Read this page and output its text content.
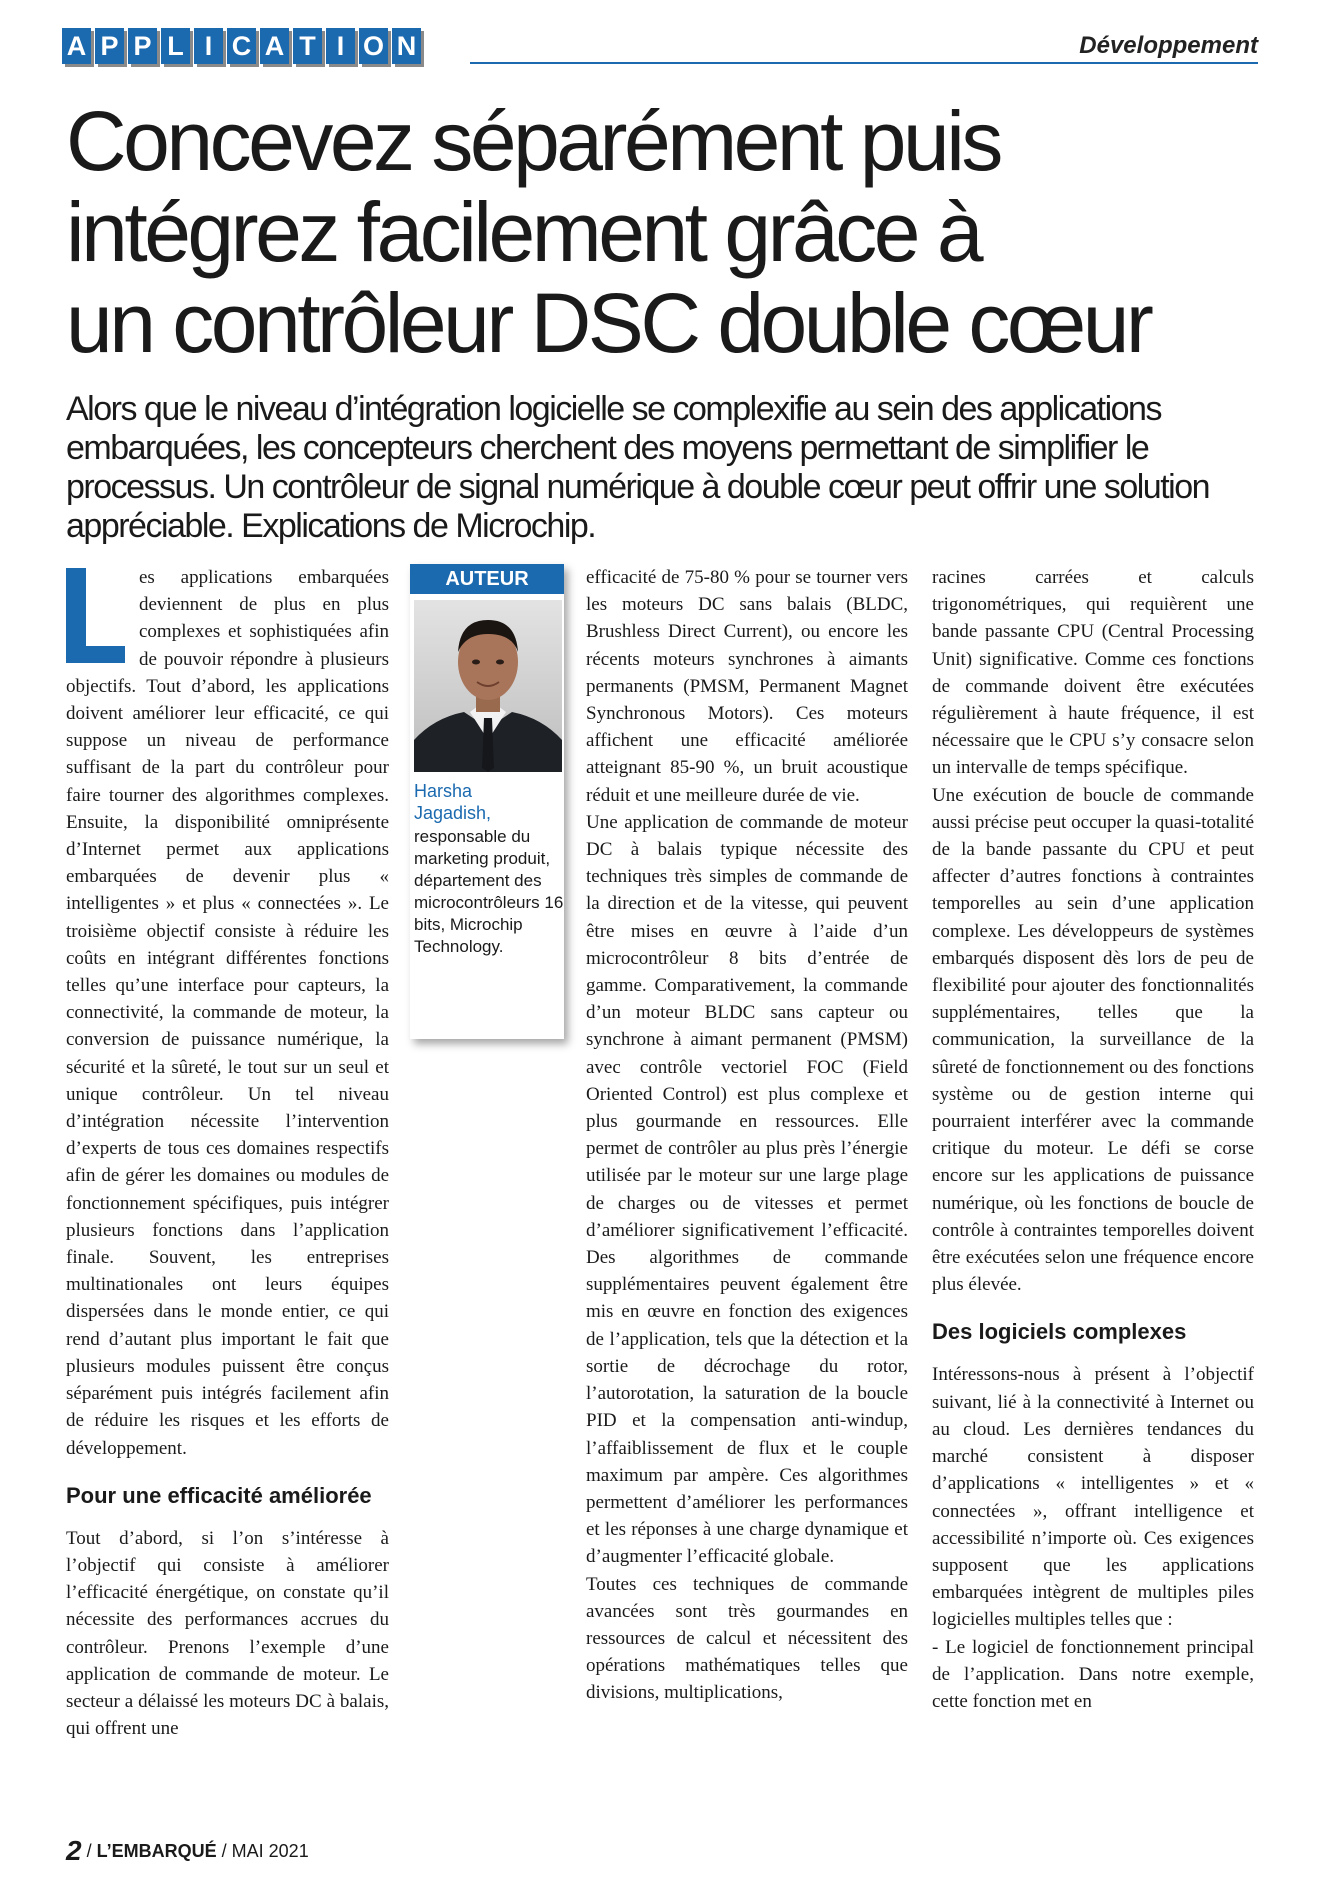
A P P L I C A T I O N	Développement
Concevez séparément puis
intégrez facilement grâce à
un contrôleur DSC double cœur

Alors que le niveau d’intégration logicielle se complexifie au sein des applications embarquées, les concepteurs cherchent des moyens permettant de simplifier le processus. Un contrôleur de signal numérique à double cœur peut offrir une solution appréciable. Explications de Microchip.

es applications embarquées deviennent de plus en plus complexes et sophistiquées afin de pouvoir répondre à plusieurs objectifs. Tout d’abord, les applications doivent améliorer leur efficacité, ce qui suppose un niveau de performance suffisant de la part du contrôleur pour faire tourner des algorithmes complexes. Ensuite, la disponibilité omniprésente d’Internet permet aux applications embarquées de devenir plus « intelligentes » et plus « connectées ». Le troisième objectif consiste à réduire les coûts en intégrant différentes fonctions telles qu’une interface pour capteurs, la connectivité, la commande de moteur, la conversion de puissance numérique, la sécurité et la sûreté, le tout sur un seul et unique contrôleur. Un tel niveau d’intégration nécessite l’intervention d’experts de tous ces domaines respectifs afin de gérer les domaines ou modules de fonctionnement spécifiques, puis intégrer plusieurs fonctions dans l’application finale. Souvent, les entreprises multinationales ont leurs équipes dispersées dans le monde entier, ce qui rend d’autant plus important le fait que plusieurs modules puissent être conçus séparément puis intégrés facilement afin de réduire les risques et les efforts de développement.

Pour une efficacité améliorée

Tout d’abord, si l’on s’intéresse à l’objectif qui consiste à améliorer l’efficacité énergétique, on constate qu’il nécessite des performances accrues du contrôleur. Prenons l’exemple d’une application de commande de moteur. Le secteur a délaissé les moteurs DC à balais, qui offrent une

AUTEUR

Harsha
Jagadish,

responsable du marketing produit, département des microcontrôleurs 16 bits, Microchip Technology.

efficacité de 75-80 % pour se tourner vers les moteurs DC sans balais (BLDC, Brushless Direct Current), ou encore les récents moteurs synchrones à aimants permanents (PMSM, Permanent Magnet Synchronous Motors). Ces moteurs affichent une efficacité améliorée atteignant 85-90 %, un bruit acoustique réduit et une meilleure durée de vie.

Une application de commande de moteur DC à balais typique nécessite des techniques très simples de commande de la direction et de la vitesse, qui peuvent être mises en œuvre à l’aide d’un microcontrôleur 8 bits d’entrée de gamme. Comparativement, la commande d’un moteur BLDC sans capteur ou synchrone à aimant permanent (PMSM) avec contrôle vectoriel FOC (Field Oriented Control) est plus complexe et plus gourmande en ressources. Elle permet de contrôler au plus près l’énergie utilisée par le moteur sur une large plage de charges ou de vitesses et permet d’améliorer significativement l’efficacité. Des algorithmes de commande supplémentaires peuvent également être mis en œuvre en fonction des exigences de l’application, tels que la détection et la sortie de décrochage du rotor, l’autorotation, la saturation de la boucle PID et la compensation anti-windup, l’affaiblissement de flux et le couple maximum par ampère. Ces algorithmes permettent d’améliorer les performances et les réponses à une charge dynamique et d’augmenter l’efficacité globale.

Toutes ces techniques de commande avancées sont très gourmandes en ressources de calcul et nécessitent des opérations mathématiques telles que divisions, multiplications,

racines carrées et calculs trigonométriques, qui requièrent une bande passante CPU (Central Processing Unit) significative. Comme ces fonctions de commande doivent être exécutées régulièrement à haute fréquence, il est nécessaire que le CPU s’y consacre selon un intervalle de temps spécifique.

Une exécution de boucle de commande aussi précise peut occuper la quasi-totalité de la bande passante du CPU et peut affecter d’autres fonctions à contraintes temporelles au sein d’une application complexe. Les développeurs de systèmes embarqués disposent dès lors de peu de flexibilité pour ajouter des fonctionnalités supplémentaires, telles que la communication, la surveillance de la sûreté de fonctionnement ou des fonctions système ou de gestion interne qui pourraient interférer avec la commande critique du moteur. Le défi se corse encore sur les applications de puissance numérique, où les fonctions de boucle de contrôle à contraintes temporelles doivent être exécutées selon une fréquence encore plus élevée.

Des logiciels complexes

Intéressons-nous à présent à l’objectif suivant, lié à la connectivité à Internet ou au cloud. Les dernières tendances du marché consistent à disposer d’applications « intelligentes » et « connectées », offrant intelligence et accessibilité n’importe où. Ces exigences supposent que les applications embarquées intègrent de multiples piles logicielles multiples telles que :

- Le logiciel de fonctionnement principal de l’application. Dans notre exemple, cette fonction met en

2 / L’EMBARQUÉ / MAI 2021
